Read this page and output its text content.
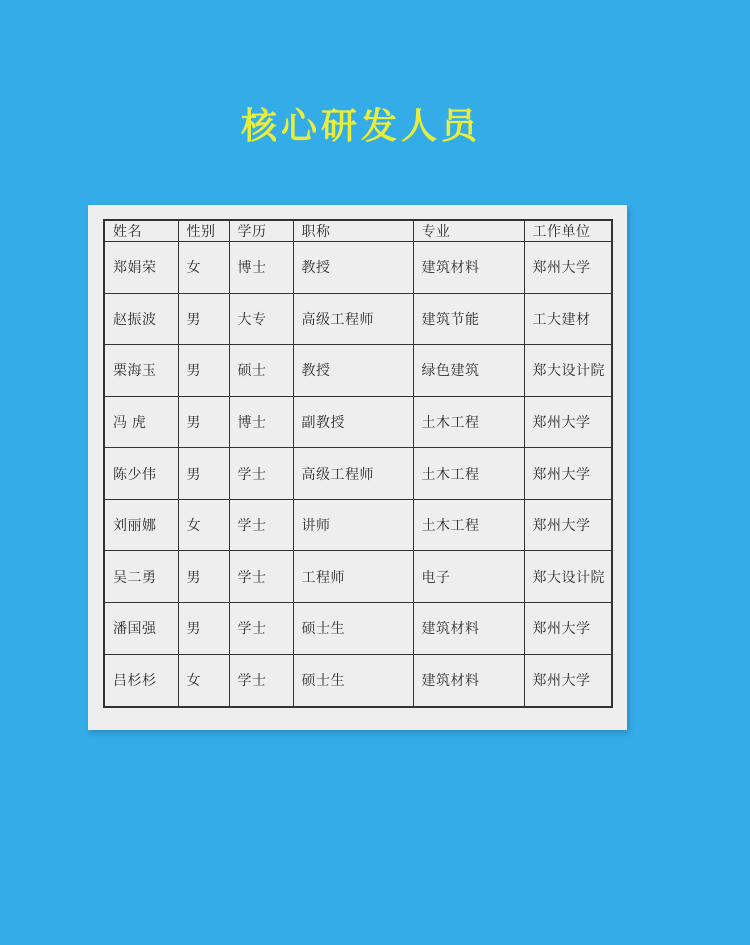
核心研发人员
姓名	性别	学历	职称	专业	工作单位
郑娟荣	女	博士	教授	建筑材料	郑州大学
赵振波	男	大专	高级工程师	建筑节能	工大建材
栗海玉	男	硕士	教授	绿色建筑	郑大设计院
冯 虎	男	博士	副教授	土木工程	郑州大学
陈少伟	男	学士	高级工程师	土木工程	郑州大学
刘丽娜	女	学士	讲师	土木工程	郑州大学
吴二勇	男	学士	工程师	电子	郑大设计院
潘国强	男	学士	硕士生	建筑材料	郑州大学
吕杉杉	女	学士	硕士生	建筑材料	郑州大学
